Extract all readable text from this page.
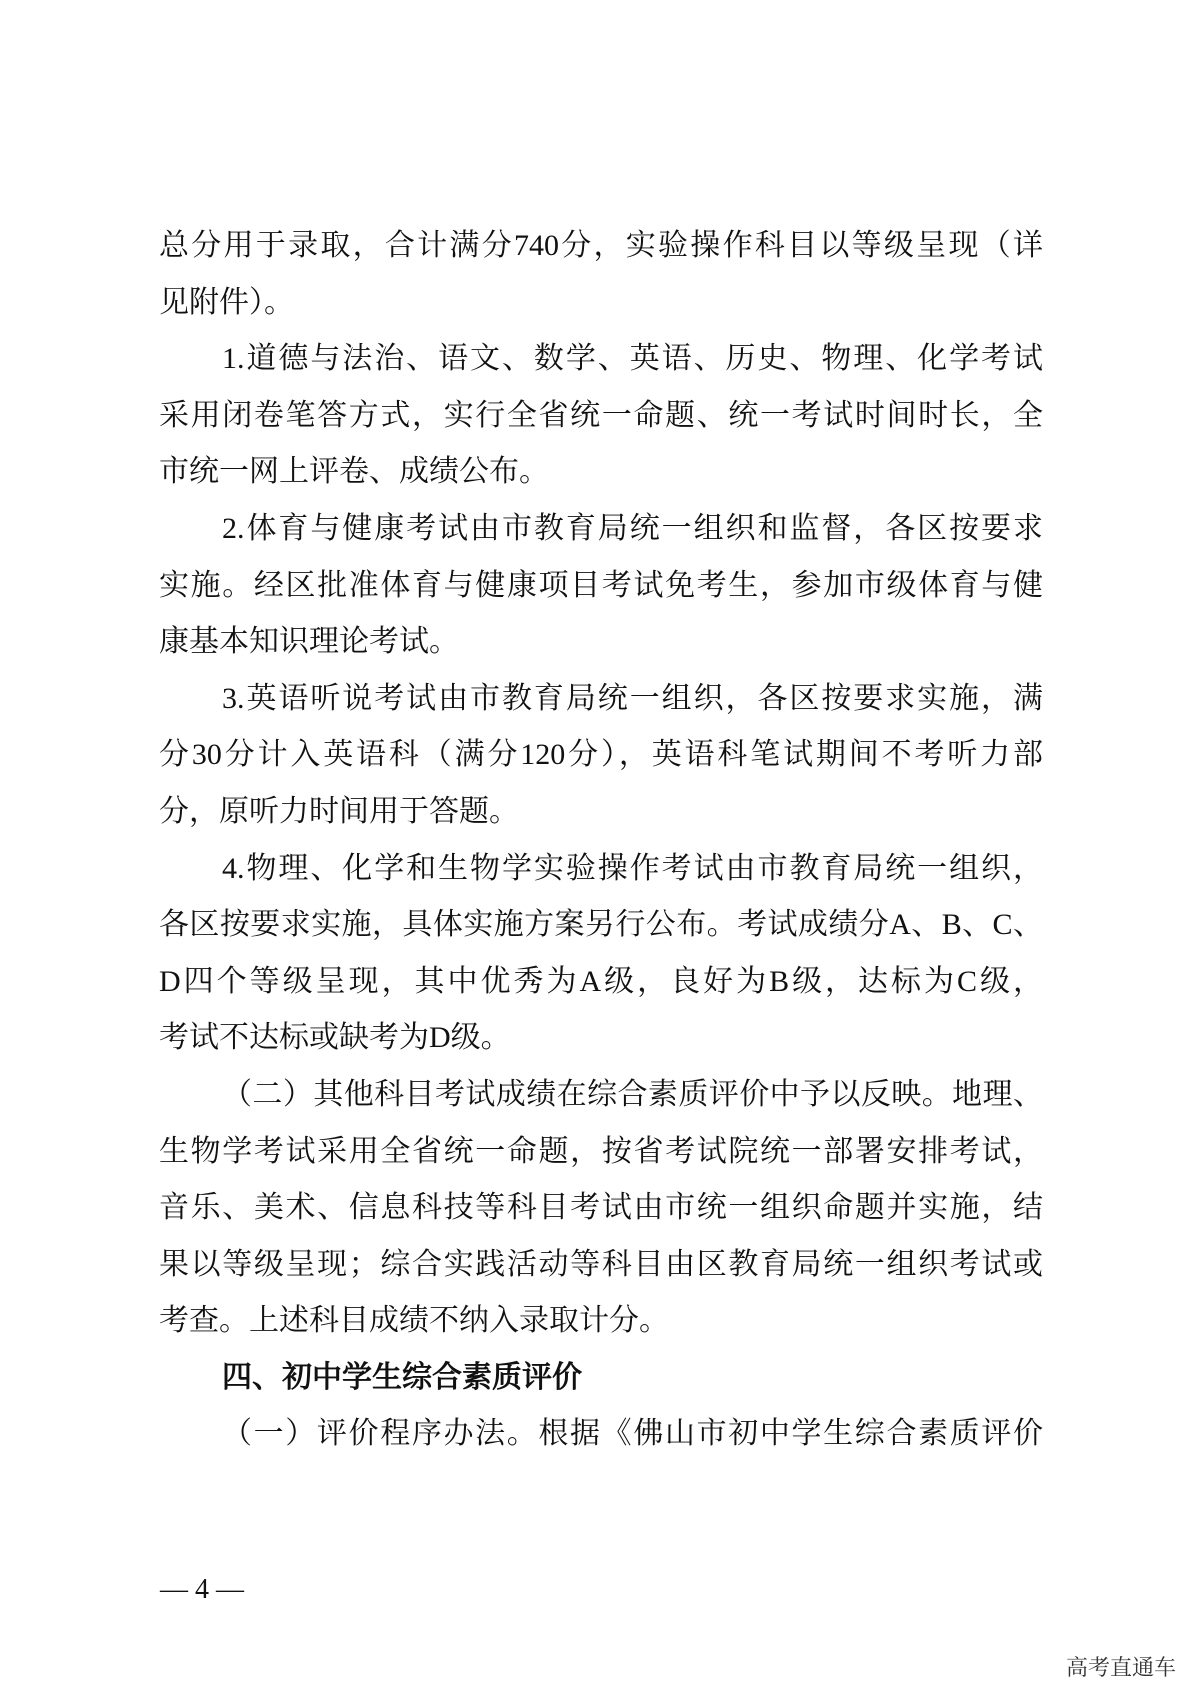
总分用于录取，合计满分740分，实验操作科目以等级呈现（详
见附件）。
1.道德与法治、语文、数学、英语、历史、物理、化学考试
采用闭卷笔答方式，实行全省统一命题、统一考试时间时长，全
市统一网上评卷、成绩公布。
2.体育与健康考试由市教育局统一组织和监督，各区按要求
实施。经区批准体育与健康项目考试免考生，参加市级体育与健
康基本知识理论考试。
3.英语听说考试由市教育局统一组织，各区按要求实施，满
分30分计入英语科（满分120分），英语科笔试期间不考听力部
分，原听力时间用于答题。
4.物理、化学和生物学实验操作考试由市教育局统一组织，
各区按要求实施，具体实施方案另行公布。考试成绩分A、B、C、
D四个等级呈现，其中优秀为A级，良好为B级，达标为C级，
考试不达标或缺考为D级。
（二）其他科目考试成绩在综合素质评价中予以反映。地理、
生物学考试采用全省统一命题，按省考试院统一部署安排考试，
音乐、美术、信息科技等科目考试由市统一组织命题并实施，结
果以等级呈现；综合实践活动等科目由区教育局统一组织考试或
考查。上述科目成绩不纳入录取计分。
四、初中学生综合素质评价
（一）评价程序办法。根据《佛山市初中学生综合素质评价
— 4 —
高考直通车
